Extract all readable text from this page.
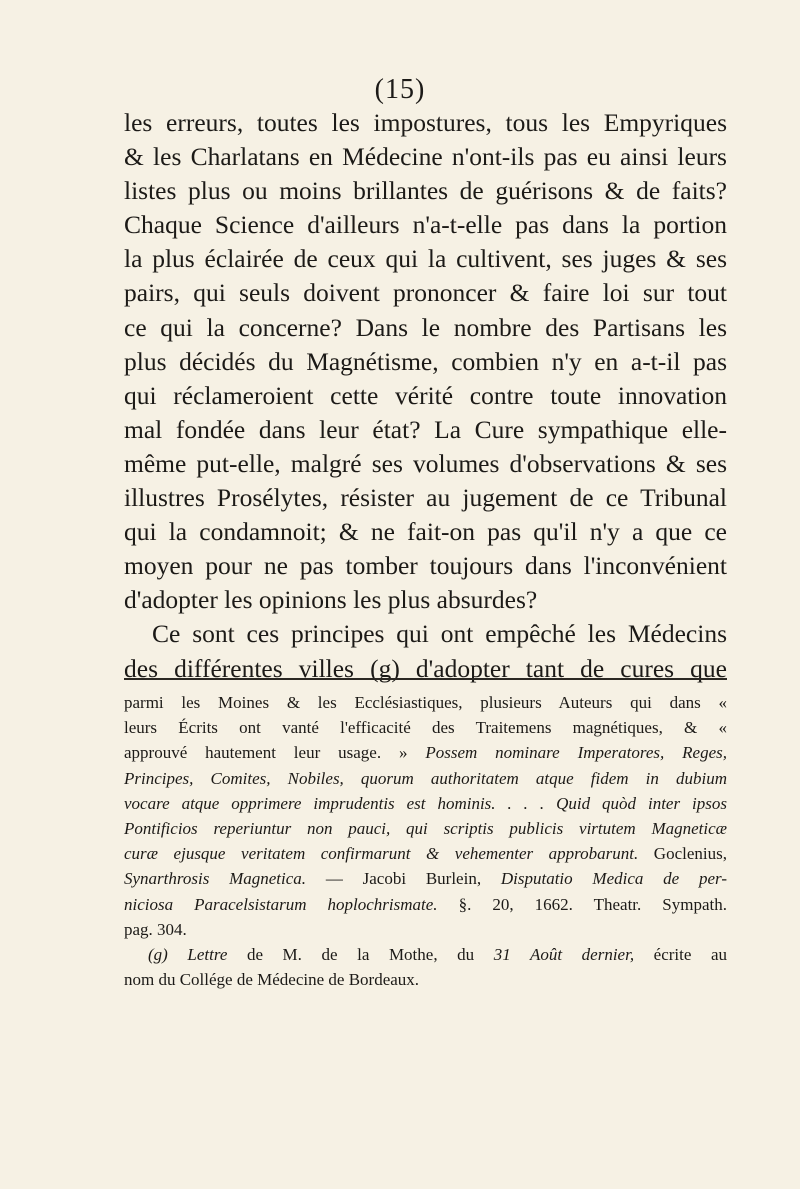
(15)
les erreurs, toutes les impostures, tous les Empyriques
& les Charlatans en Médecine n'ont-ils pas eu ainsi leurs
listes plus ou moins brillantes de guérisons & de faits?
Chaque Science d'ailleurs n'a-t-elle pas dans la portion
la plus éclairée de ceux qui la cultivent, ses juges & ses
pairs, qui seuls doivent prononcer & faire loi sur tout
ce qui la concerne? Dans le nombre des Partisans les
plus décidés du Magnétisme, combien n'y en a-t-il pas
qui réclameroient cette vérité contre toute innovation
mal fondée dans leur état? La Cure sympathique elle-
même put-elle, malgré ses volumes d'observations & ses
illustres Prosélytes, résister au jugement de ce Tribunal
qui la condamnoit; & ne fait-on pas qu'il n'y a que ce
moyen pour ne pas tomber toujours dans l'inconvénient
d'adopter les opinions les plus absurdes?
Ce sont ces principes qui ont empêché les Médecins
des différentes villes (g) d'adopter tant de cures que
parmi les Moines & les Ecclésiastiques, plusieurs Auteurs qui dans «
leurs Écrits ont vanté l'efficacité des Traitemens magnétiques, & «
approuvé hautement leur usage. » Possem nominare Imperatores, Reges,
Principes, Comites, Nobiles, quorum authoritatem atque fidem in dubium
vocare atque opprimere imprudentis est hominis. . . . Quid quòd inter ipsos
Pontificios reperiuntur non pauci, qui scriptis publicis virtutem Magneticæ
curæ ejusque veritatem confirmarunt & vehementer approbarunt. Goclenius,
Synarthrosis Magnetica. — Jacobi Burlein, Disputatio Medica de per-
niciosa Paracelsistarum hoplochrismate. §. 20, 1662. Theatr. Sympath.
pag. 304.
(g) Lettre de M. de la Mothe, du 31 Août dernier, écrite au
nom du Collége de Médecine de Bordeaux.
